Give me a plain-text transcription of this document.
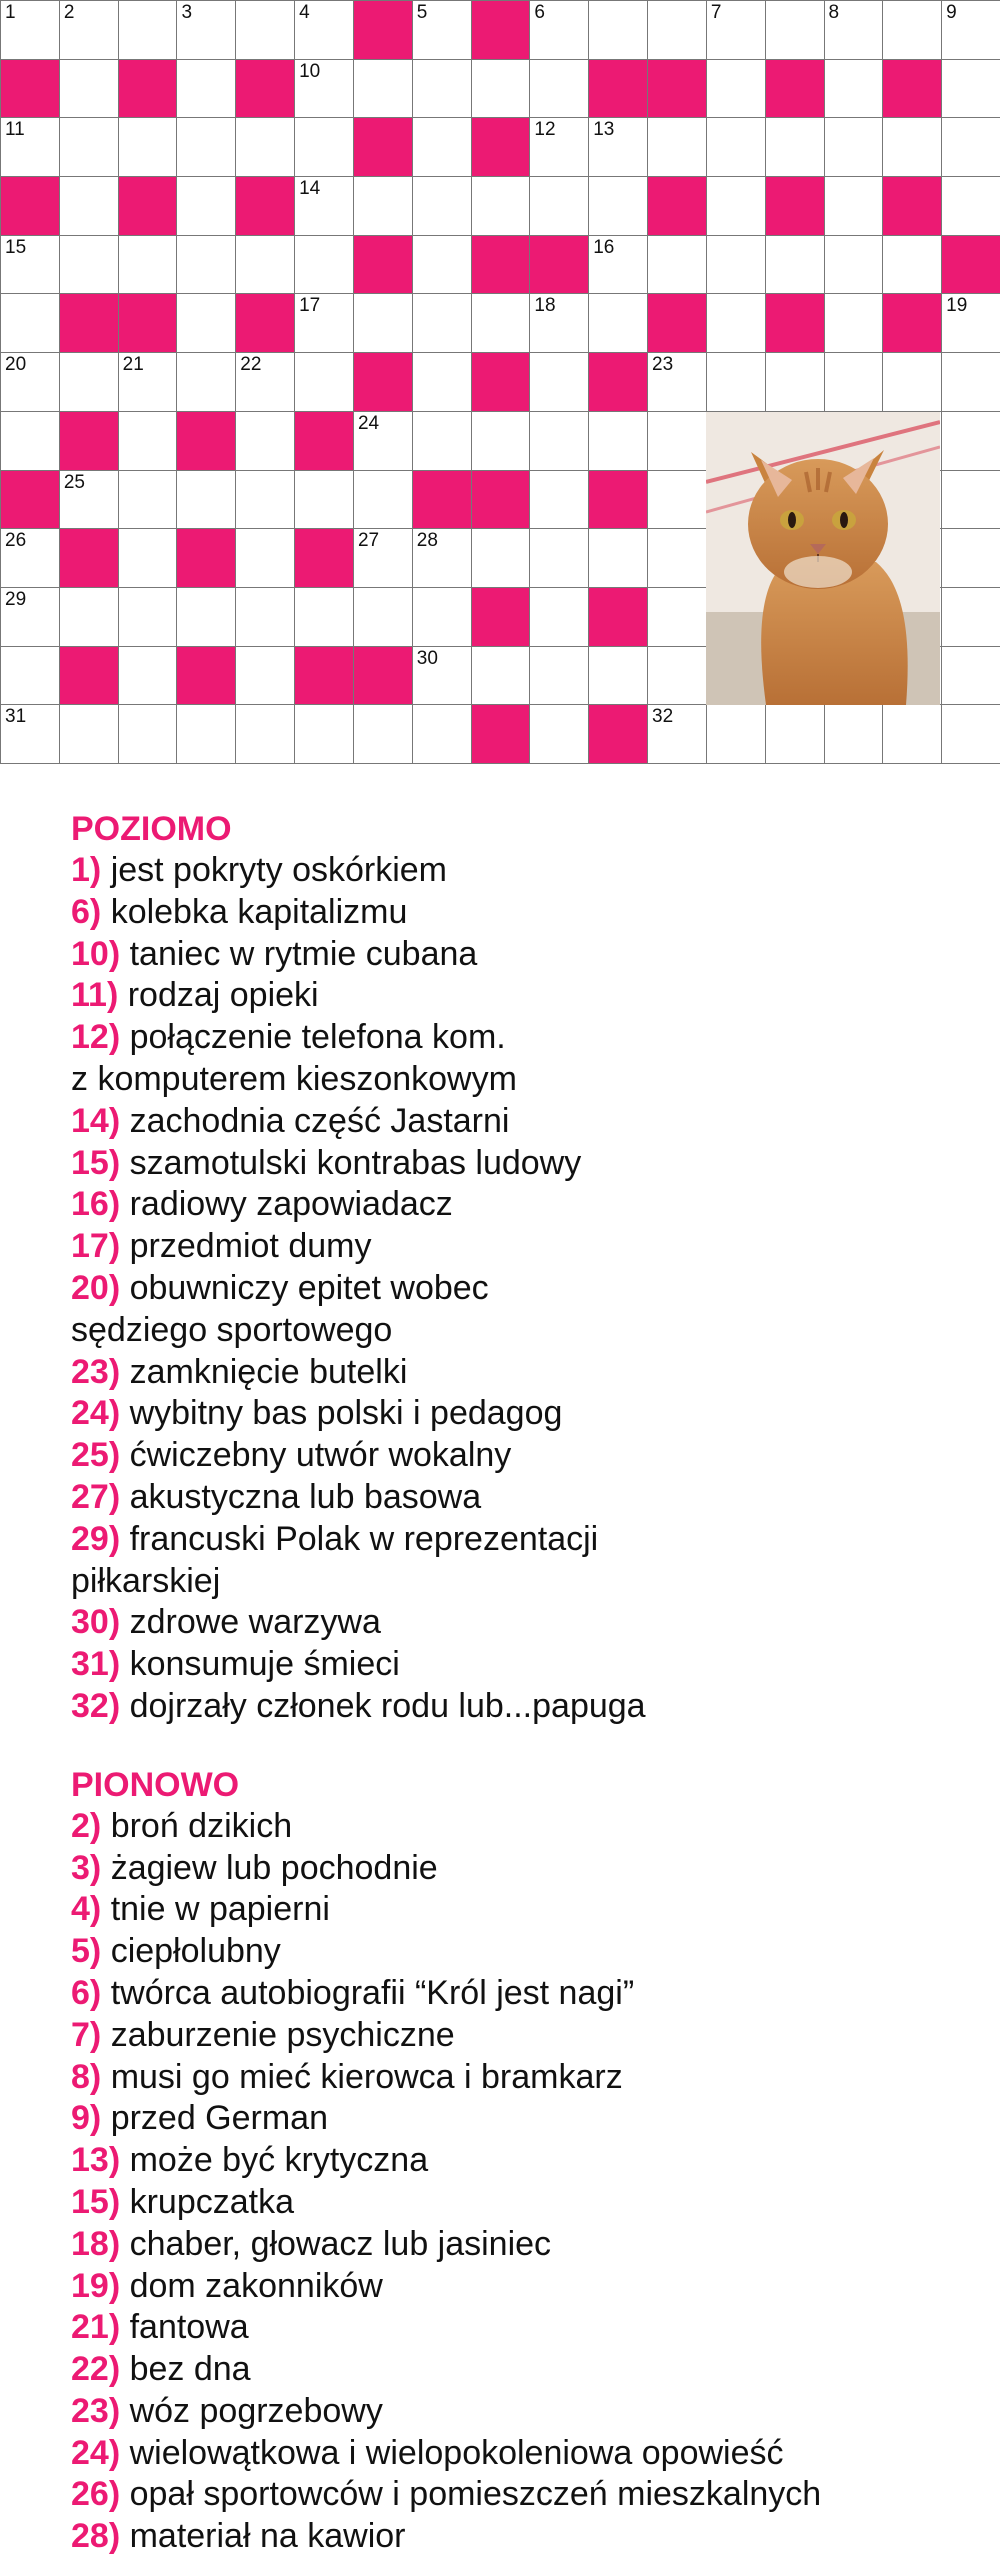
1	2	3	4	5	6	7	8	9
10
11	12 13
14
15	16
17	18	19
20	21	22	23
24
25
26	27 28
29
30
31	32

POZIOMO

1) jest pokryty oskórkiem

6) kolebka kapitalizmu

10) taniec w rytmie cubana

11) rodzaj opieki

12) połączenie telefona kom.

z komputerem kieszonkowym

14) zachodnia część Jastarni

15) szamotulski kontrabas ludowy

16) radiowy zapowiadacz

17) przedmiot dumy

20) obuwniczy epitet wobec

sędziego sportowego

23) zamknięcie butelki

24) wybitny bas polski i pedagog

25) ćwiczebny utwór wokalny

27) akustyczna lub basowa

29) francuski Polak w reprezentacji

piłkarskiej

30) zdrowe warzywa

31) konsumuje śmieci

32) dojrzały członek rodu lub...papuga

PIONOWO

2) broń dzikich

3) żagiew lub pochodnie

4) tnie w papierni

5) ciepłolubny

6) twórca autobiografii “Król jest nagi”

7) zaburzenie psychiczne

8) musi go mieć kierowca i bramkarz

9) przed German

13) może być krytyczna

15) krupczatka

18) chaber, głowacz lub jasiniec

19) dom zakonników

21) fantowa

22) bez dna

23) wóz pogrzebowy

24) wielowątkowa i wielopokoleniowa opowieść

26) opał sportowców i pomieszczeń mieszkalnych

28) materiał na kawior
